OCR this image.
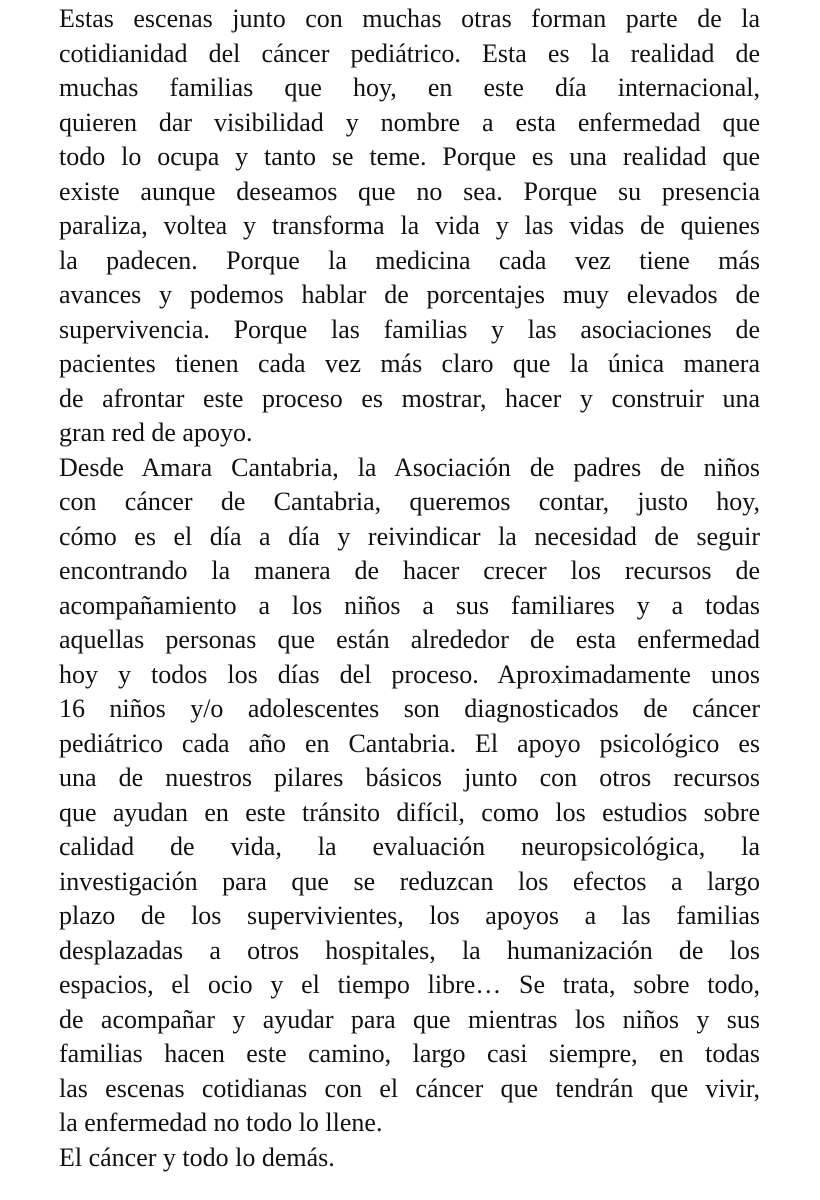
Estas escenas junto con muchas otras forman parte de la
cotidianidad del cáncer pediátrico. Esta es la realidad de
muchas familias que hoy, en este día internacional,
quieren dar visibilidad y nombre a esta enfermedad que
todo lo ocupa y tanto se teme. Porque es una realidad que
existe aunque deseamos que no sea. Porque su presencia
paraliza, voltea y transforma la vida y las vidas de quienes
la padecen. Porque la medicina cada vez tiene más
avances y podemos hablar de porcentajes muy elevados de
supervivencia. Porque las familias y las asociaciones de
pacientes tienen cada vez más claro que la única manera
de afrontar este proceso es mostrar, hacer y construir una
gran red de apoyo.
Desde Amara Cantabria, la Asociación de padres de niños
con cáncer de Cantabria, queremos contar, justo hoy,
cómo es el día a día y reivindicar la necesidad de seguir
encontrando la manera de hacer crecer los recursos de
acompañamiento a los niños a sus familiares y a todas
aquellas personas que están alrededor de esta enfermedad
hoy y todos los días del proceso. Aproximadamente unos
16 niños y/o adolescentes son diagnosticados de cáncer
pediátrico cada año en Cantabria. El apoyo psicológico es
una de nuestros pilares básicos junto con otros recursos
que ayudan en este tránsito difícil, como los estudios sobre
calidad de vida, la evaluación neuropsicológica, la
investigación para que se reduzcan los efectos a largo
plazo de los supervivientes, los apoyos a las familias
desplazadas a otros hospitales, la humanización de los
espacios, el ocio y el tiempo libre… Se trata, sobre todo,
de acompañar y ayudar para que mientras los niños y sus
familias hacen este camino, largo casi siempre, en todas
las escenas cotidianas con el cáncer que tendrán que vivir,
la enfermedad no todo lo llene.
El cáncer y todo lo demás.
